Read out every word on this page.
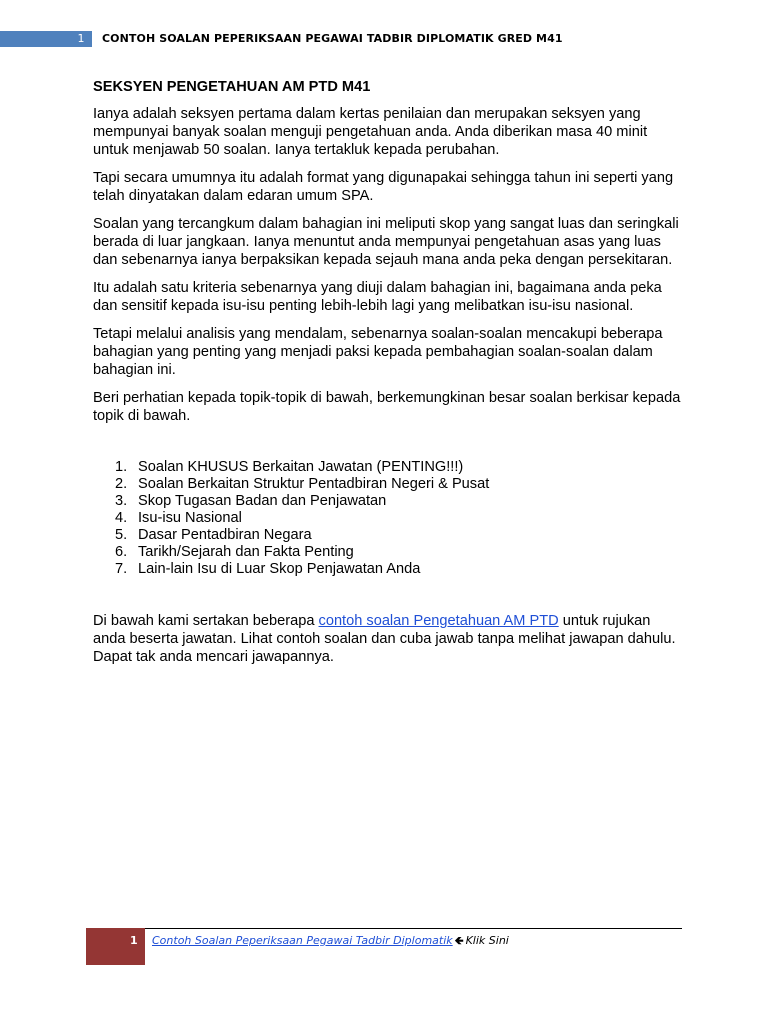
1	CONTOH SOALAN PEPERIKSAAN PEGAWAI TADBIR DIPLOMATIK GRED M41
SEKSYEN PENGETAHUAN AM PTD M41

Ianya adalah seksyen pertama dalam kertas penilaian dan merupakan seksyen yang mempunyai banyak soalan menguji pengetahuan anda. Anda diberikan masa 40 minit untuk menjawab 50 soalan. Ianya tertakluk kepada perubahan.

Tapi secara umumnya itu adalah format yang digunapakai sehingga tahun ini seperti yang telah dinyatakan dalam edaran umum SPA.

Soalan yang tercangkum dalam bahagian ini meliputi skop yang sangat luas dan seringkali berada di luar jangkaan. Ianya menuntut anda mempunyai pengetahuan asas yang luas dan sebenarnya ianya berpaksikan kepada sejauh mana anda peka dengan persekitaran.

Itu adalah satu kriteria sebenarnya yang diuji dalam bahagian ini, bagaimana anda peka dan sensitif kepada isu-isu penting lebih-lebih lagi yang melibatkan isu-isu nasional.

Tetapi melalui analisis yang mendalam, sebenarnya soalan-soalan mencakupi beberapa bahagian yang penting yang menjadi paksi kepada pembahagian soalan-soalan dalam bahagian ini.

Beri perhatian kepada topik-topik di bawah, berkemungkinan besar soalan berkisar kepada topik di bawah.

1. Soalan KHUSUS Berkaitan Jawatan (PENTING!!!)
2. Soalan Berkaitan Struktur Pentadbiran Negeri & Pusat
3. Skop Tugasan Badan dan Penjawatan
4. Isu-isu Nasional
5. Dasar Pentadbiran Negara
6. Tarikh/Sejarah dan Fakta Penting
7. Lain-lain Isu di Luar Skop Penjawatan Anda

Di bawah kami sertakan beberapa contoh soalan Pengetahuan AM PTD untuk rujukan anda beserta jawatan. Lihat contoh soalan dan cuba jawab tanpa melihat jawapan dahulu. Dapat tak anda mencari jawapannya.

1 Contoh Soalan Peperiksaan Pegawai Tadbir Diplomatik 🡸 Klik Sini
